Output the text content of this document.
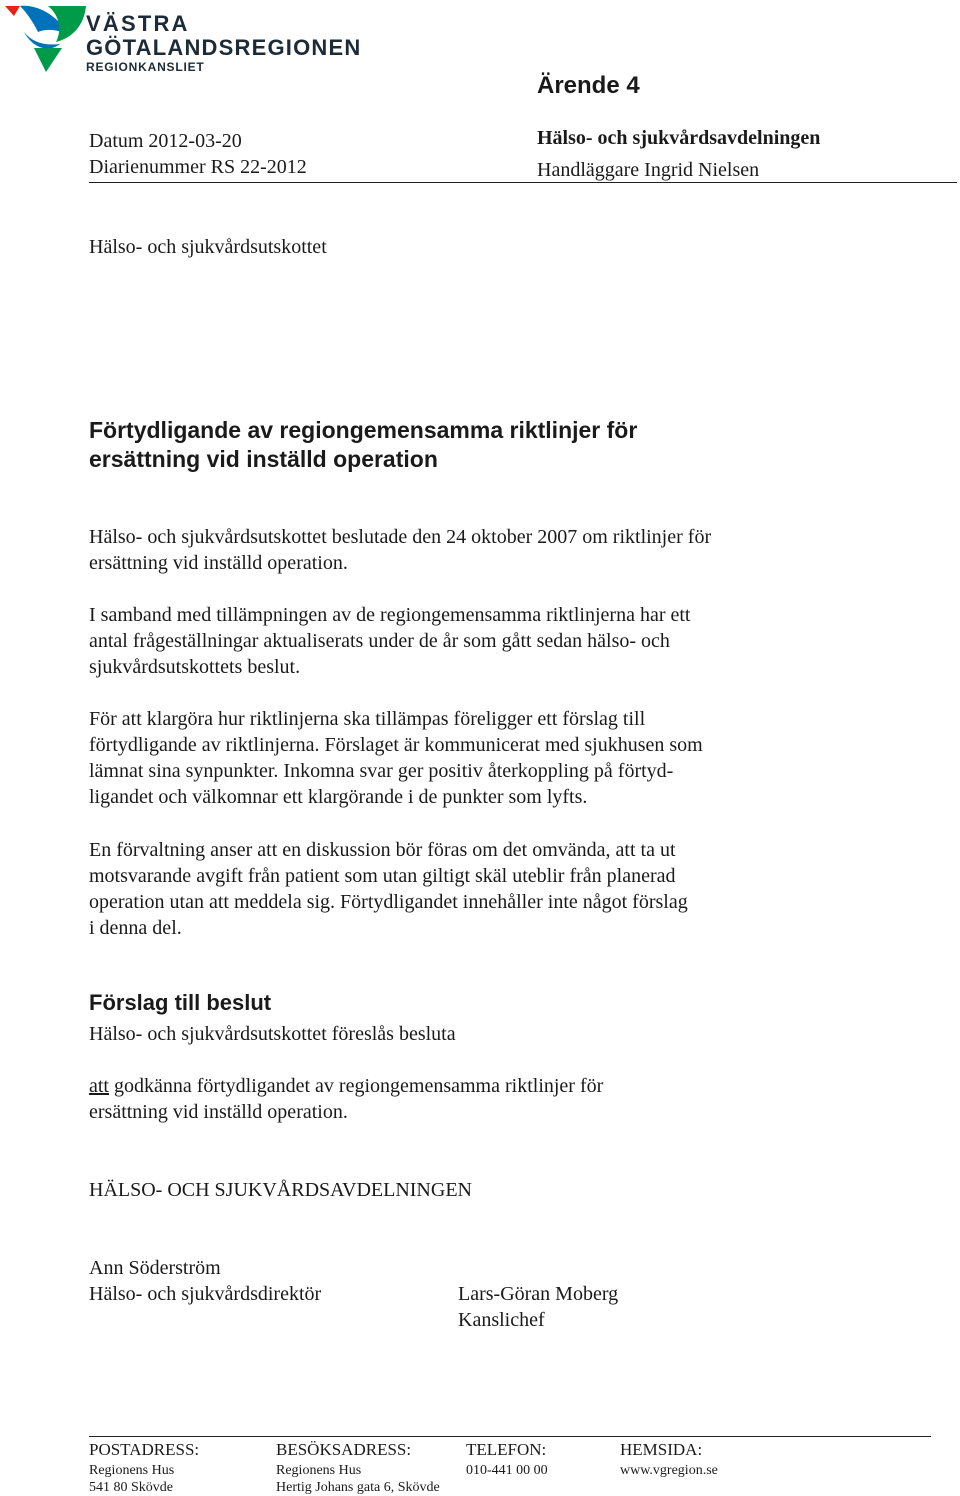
VÄSTRA
GÖTALANDSREGIONEN
REGIONKANSLIET
Ärende 4
Datum 2012-03-20
Diarienummer RS 22-2012
Hälso- och sjukvårdsavdelningen
Handläggare Ingrid Nielsen
Hälso- och sjukvårdsutskottet
Förtydligande av regiongemensamma riktlinjer för
ersättning vid inställd operation
Hälso- och sjukvårdsutskottet beslutade den 24 oktober 2007 om riktlinjer för
ersättning vid inställd operation.
I samband med tillämpningen av de regiongemensamma riktlinjerna har ett
antal frågeställningar aktualiserats under de år som gått sedan hälso- och
sjukvårdsutskottets beslut.
För att klargöra hur riktlinjerna ska tillämpas föreligger ett förslag till
förtydligande av riktlinjerna. Förslaget är kommunicerat med sjukhusen som
lämnat sina synpunkter. Inkomna svar ger positiv återkoppling på förtyd-
ligandet och välkomnar ett klargörande i de punkter som lyfts.
En förvaltning anser att en diskussion bör föras om det omvända, att ta ut
motsvarande avgift från patient som utan giltigt skäl uteblir från planerad
operation utan att meddela sig. Förtydligandet innehåller inte något förslag
i denna del.
Förslag till beslut
Hälso- och sjukvårdsutskottet föreslås besluta
att godkänna förtydligandet av regiongemensamma riktlinjer för
ersättning vid inställd operation.
HÄLSO- OCH SJUKVÅRDSAVDELNINGEN
Ann Söderström
Hälso- och sjukvårdsdirektör	Lars-Göran Moberg
Kanslichef
POSTADRESS:
Regionens Hus
541 80 Skövde
BESÖKSADRESS:
Regionens Hus
Hertig Johans gata 6, Skövde
TELEFON:
010-441 00 00
HEMSIDA:
www.vgregion.se
